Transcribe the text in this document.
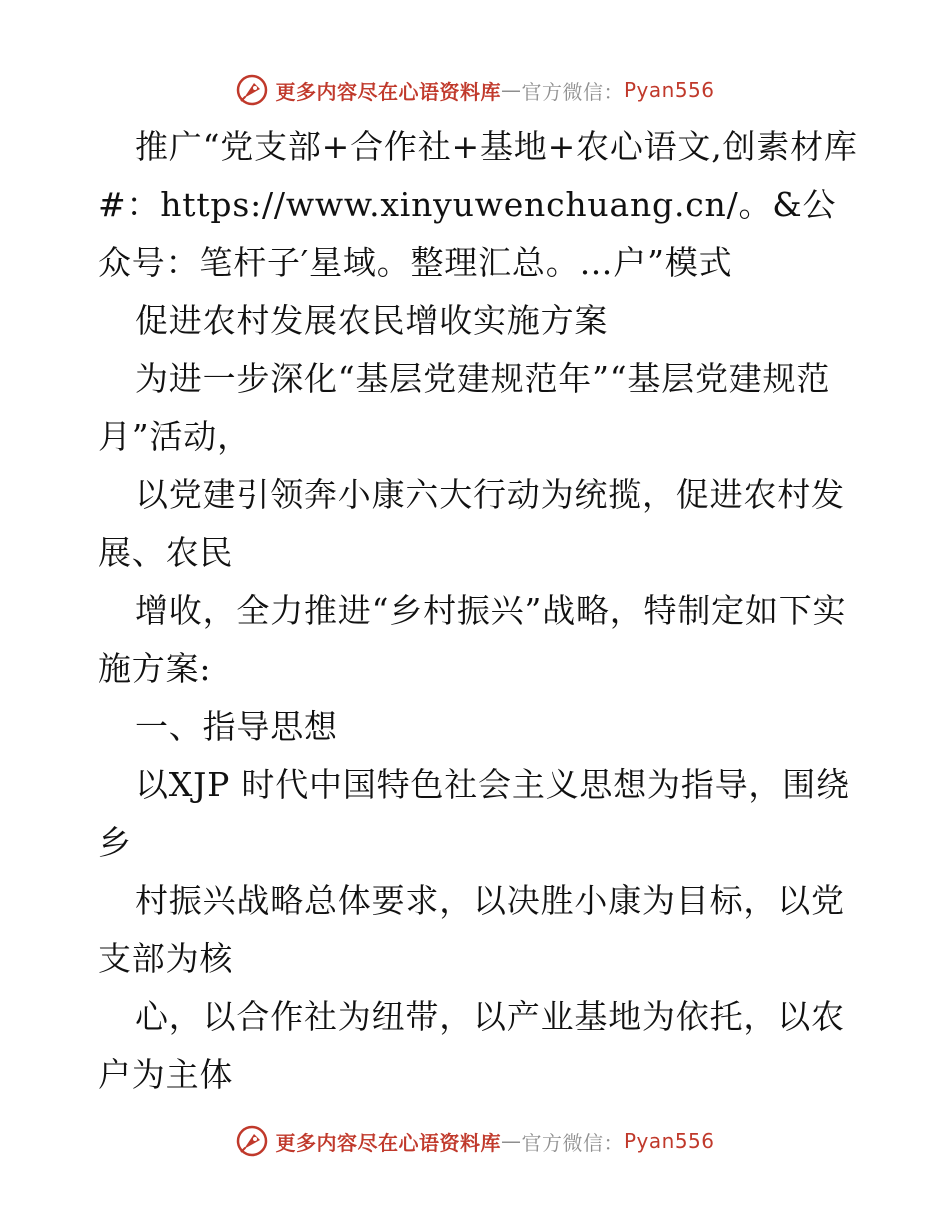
更多内容尽在心语资料库 — 官方微信： Pyan556

推广“党支部+合作社+基地+农心语文,创素材库#：https://www.xinyuwenchuang.cn/。&公众号：笔杆子′星域。整理汇总。…户”模式

促进农村发展农民增收实施方案

为进一步深化“基层党建规范年”“基层党建规范月”活动，

以党建引领奔小康六大行动为统揽，促进农村发展、农民

增收，全力推进“乡村振兴”战略，特制定如下实施方案:

一、指导思想

以XJP 时代中国特色社会主义思想为指导，围绕乡

村振兴战略总体要求，以决胜小康为目标，以党支部为核

心，以合作社为纽带，以产业基地为依托，以农户为主体

更多内容尽在心语资料库 — 官方微信： Pyan556
